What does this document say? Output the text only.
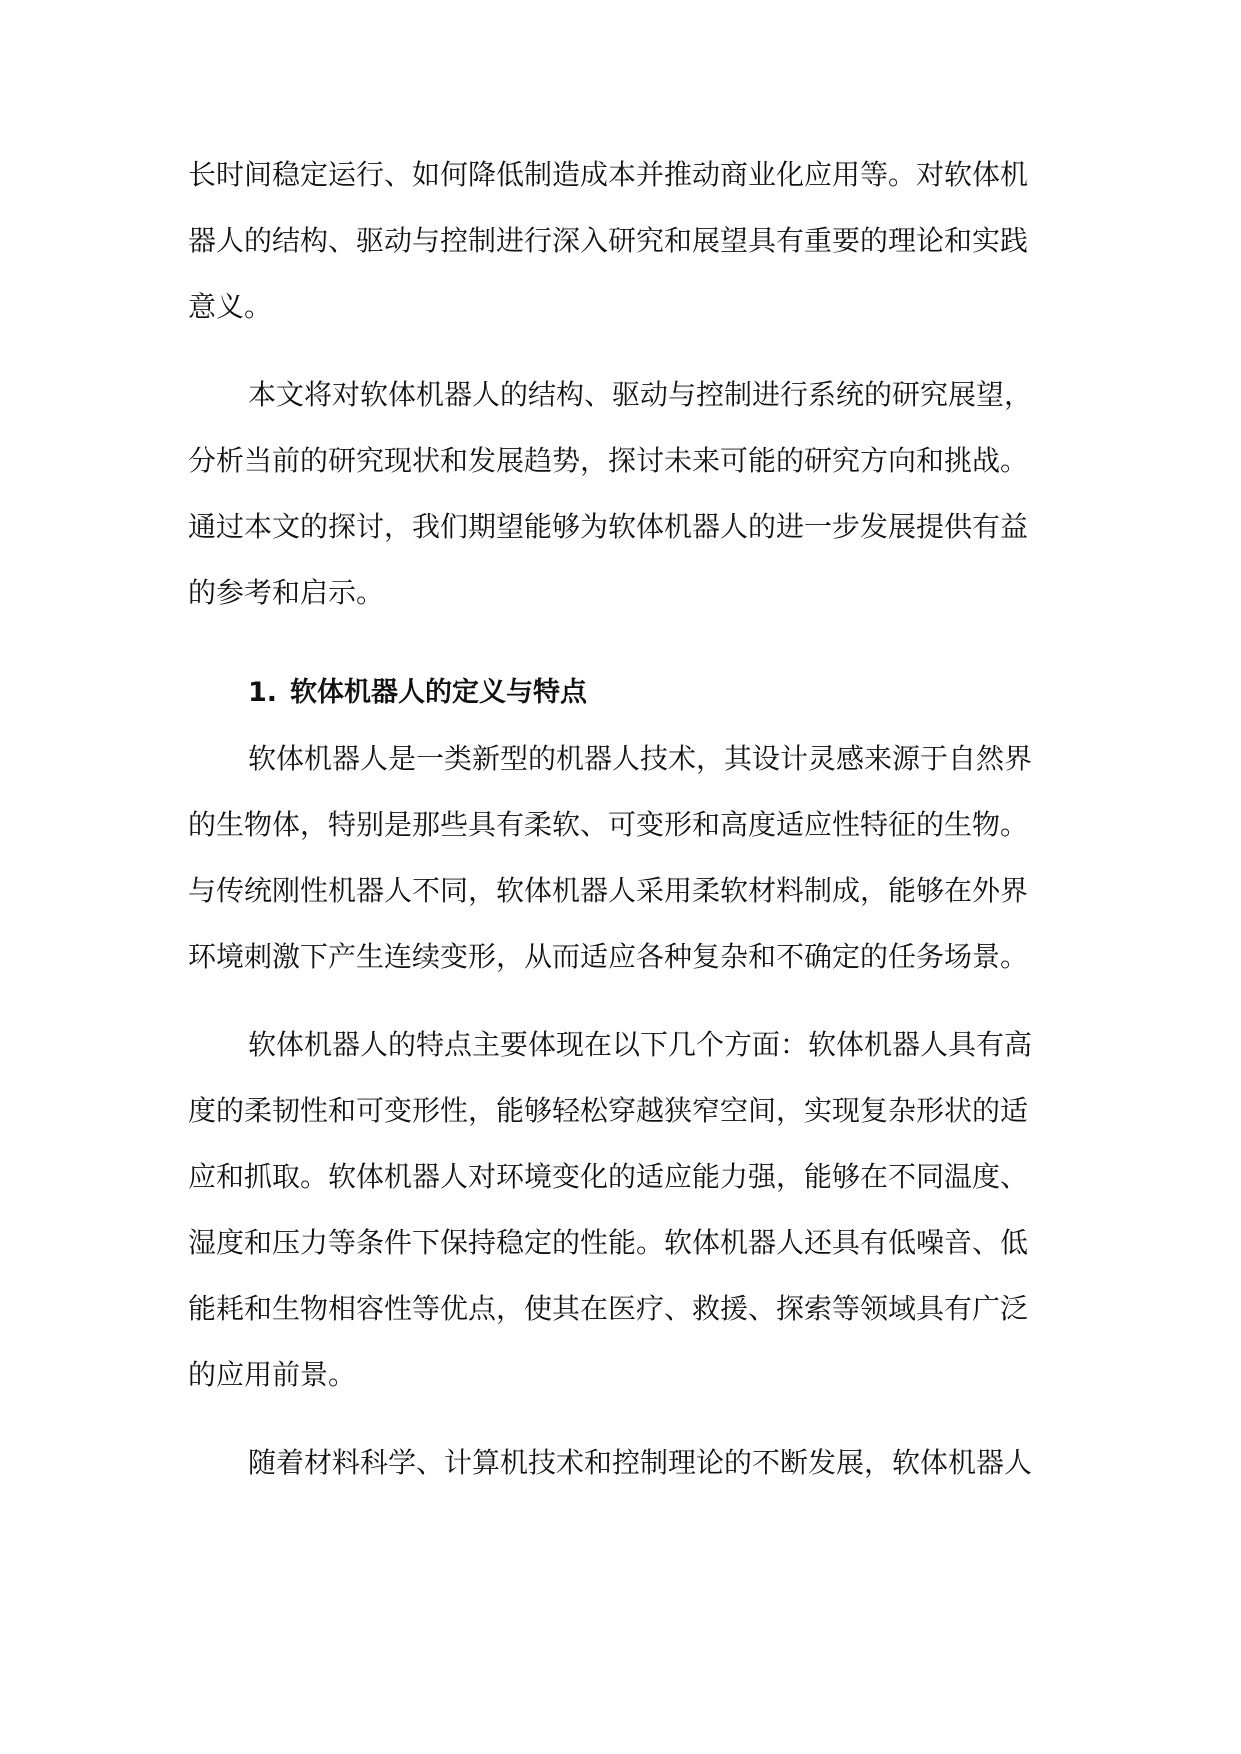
长时间稳定运行、如何降低制造成本并推动商业化应用等。对软体机

器人的结构、驱动与控制进行深入研究和展望具有重要的理论和实践

意义。

本文将对软体机器人的结构、驱动与控制进行系统的研究展望，

分析当前的研究现状和发展趋势，探讨未来可能的研究方向和挑战。

通过本文的探讨，我们期望能够为软体机器人的进一步发展提供有益

的参考和启示。

1. 软体机器人的定义与特点

软体机器人是一类新型的机器人技术，其设计灵感来源于自然界

的生物体，特别是那些具有柔软、可变形和高度适应性特征的生物。

与传统刚性机器人不同，软体机器人采用柔软材料制成，能够在外界

环境刺激下产生连续变形，从而适应各种复杂和不确定的任务场景。

软体机器人的特点主要体现在以下几个方面：软体机器人具有高

度的柔韧性和可变形性，能够轻松穿越狭窄空间，实现复杂形状的适

应和抓取。软体机器人对环境变化的适应能力强，能够在不同温度、

湿度和压力等条件下保持稳定的性能。软体机器人还具有低噪音、低

能耗和生物相容性等优点，使其在医疗、救援、探索等领域具有广泛

的应用前景。

随着材料科学、计算机技术和控制理论的不断发展，软体机器人
